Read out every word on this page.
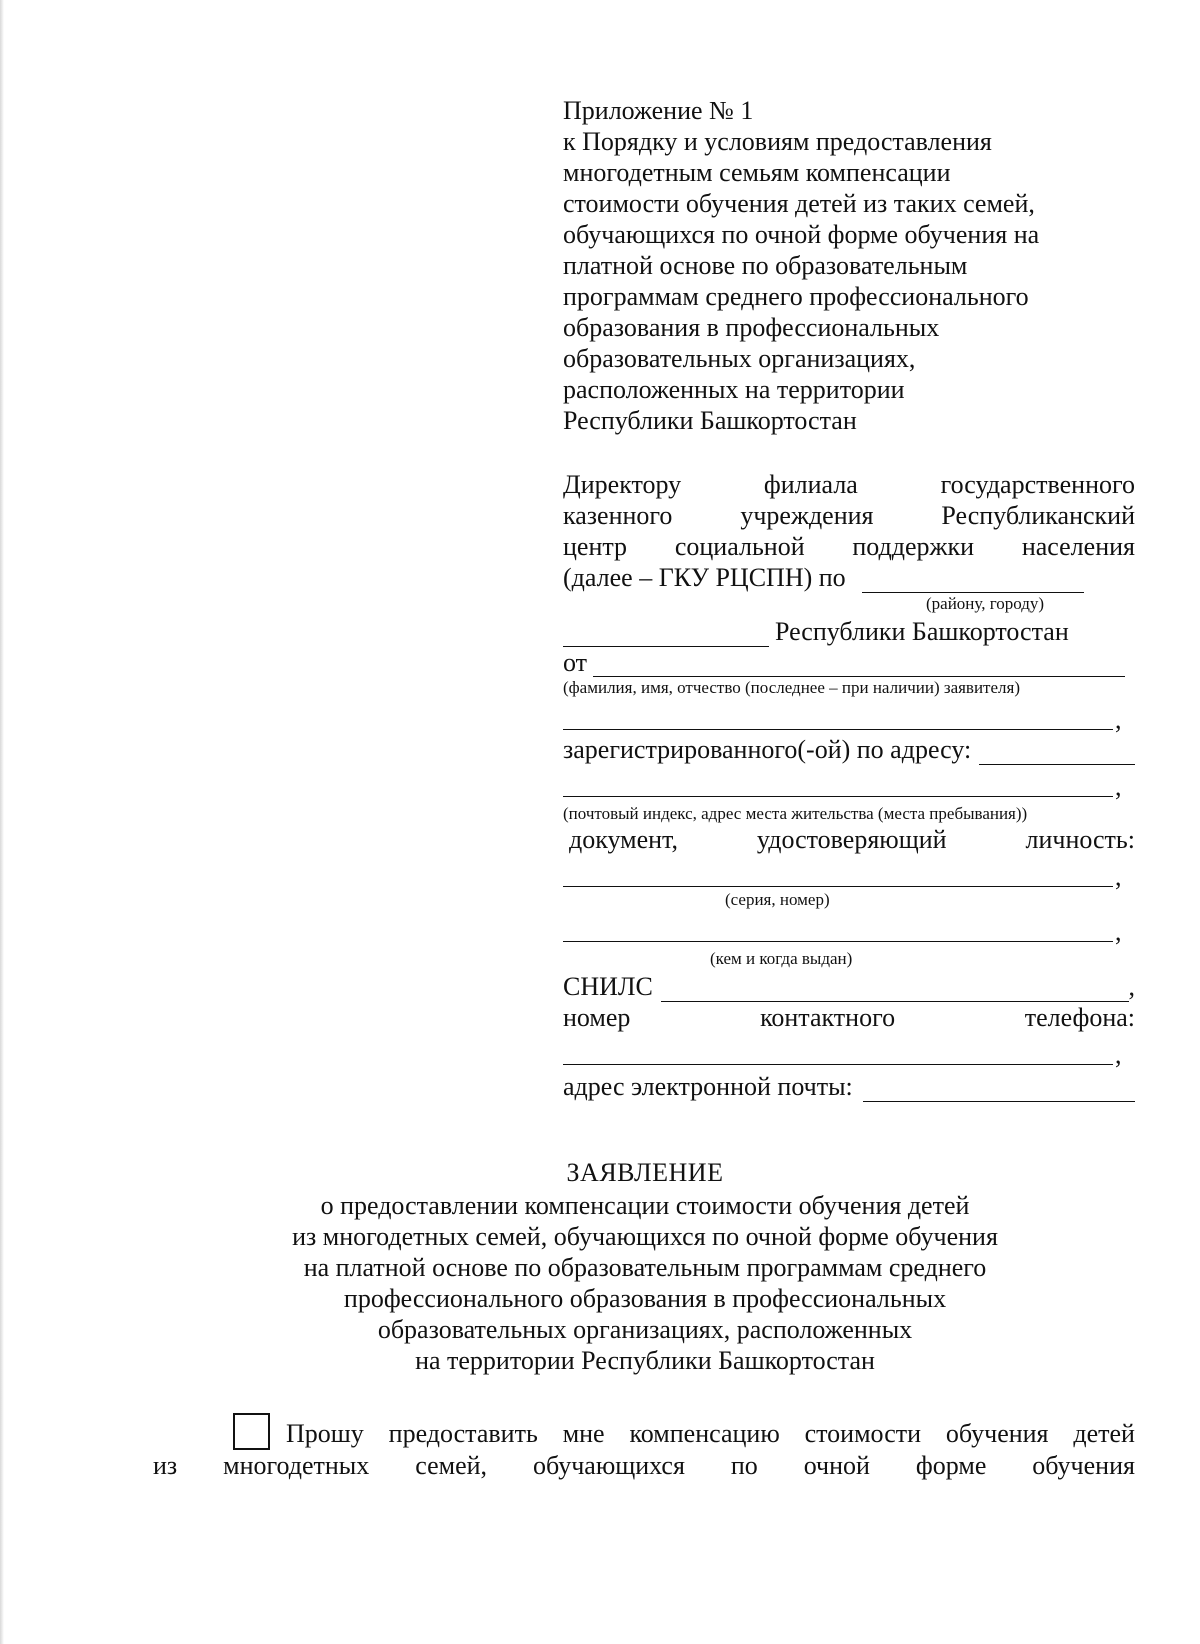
Приложение № 1
к Порядку и условиям предоставления
многодетным семьям компенсации
стоимости обучения детей из таких семей,
обучающихся по очной форме обучения на
платной основе по образовательным
программам среднего профессионального
образования в профессиональных
образовательных организациях,
расположенных на территории
Республики Башкортостан
Директору	филиала	государственного
казенного	учреждения	Республиканский
центр социальной поддержки населения
(далее – ГКУ РЦСПН) по
(району, городу)
Республики Башкортостан
от
(фамилия, имя, отчество (последнее – при наличии) заявителя)
,
зарегистрированного(-ой) по адресу:
,
(почтовый индекс, адрес места жительства (места пребывания))
документ,	удостоверяющий	личность:
,
(серия, номер)
,
(кем и когда выдан)
СНИЛС	,
номер	контактного	телефона:
,
адрес электронной почты:
ЗАЯВЛЕНИЕ
о предоставлении компенсации стоимости обучения детей
из многодетных семей, обучающихся по очной форме обучения
на платной основе по образовательным программам среднего
профессионального образования в профессиональных
образовательных организациях, расположенных
на территории Республики Башкортостан
Прошу предоставить мне компенсацию стоимости обучения детей
из многодетных семей, обучающихся по очной форме обучения
